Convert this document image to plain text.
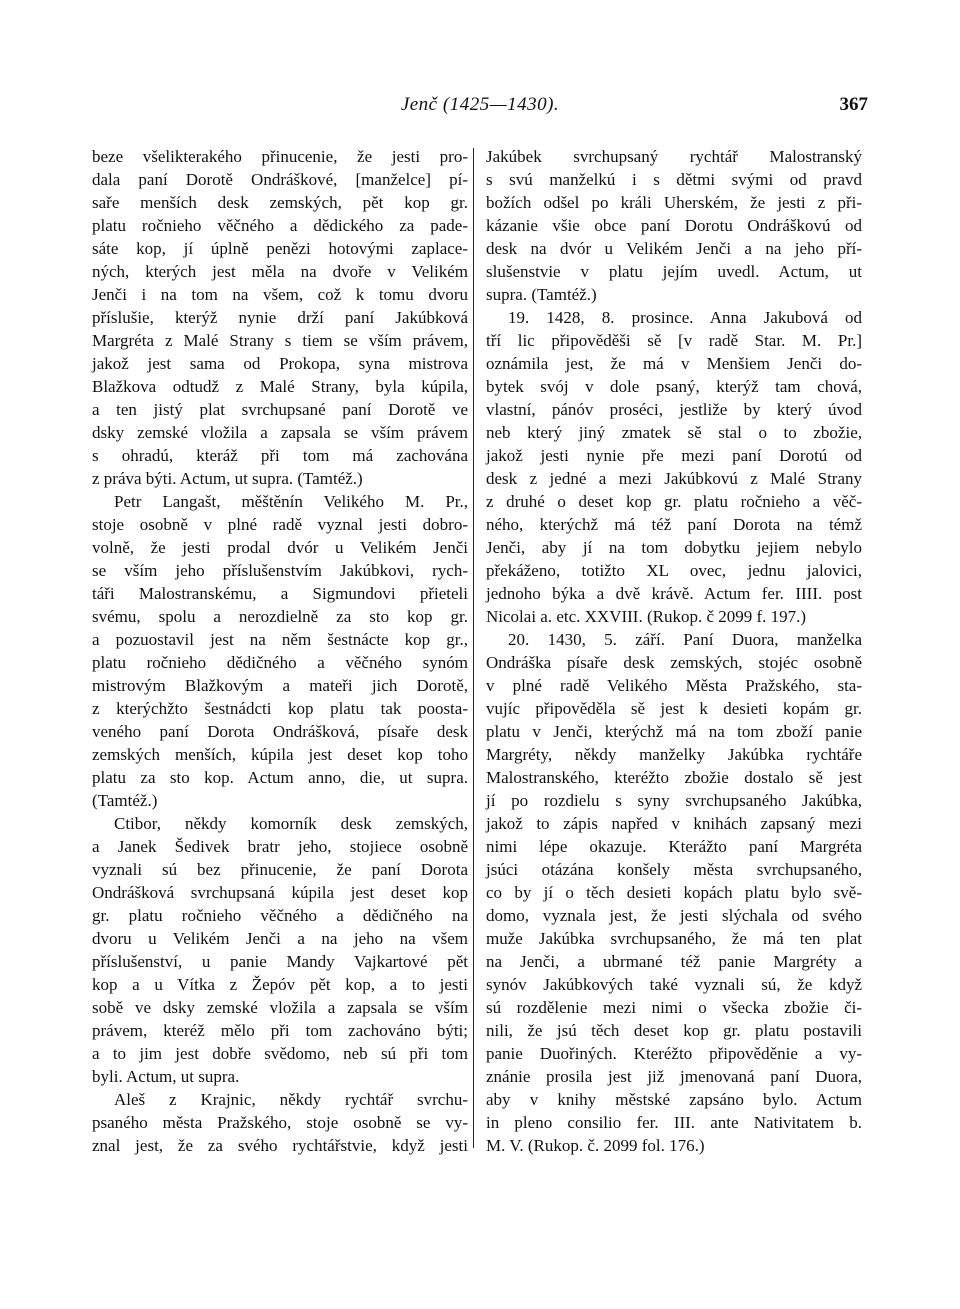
Jenč (1425—1430).	367
beze všelikterakého přinucenie, že jesti pro-
dala paní Dorotě Ondráškové, [manželce] pí-
saře menších desk zemských, pět kop gr.
platu ročnieho věčného a dědického za pade-
sáte kop, jí úplně penězi hotovými zaplace-
ných, kterých jest měla na dvoře v Velikém
Jenči i na tom na všem, což k tomu dvoru
příslušie, kterýž nynie drží paní Jakúbková
Margréta z Malé Strany s tiem se vším právem,
jakož jest sama od Prokopa, syna mistrova
Blažkova odtudž z Malé Strany, byla kúpila,
a ten jistý plat svrchupsané paní Dorotě ve
dsky zemské vložila a zapsala se vším právem
s ohradú, kteráž při tom má zachována
z práva býti. Actum, ut supra. (Tamtéž.)
Petr Langašt, měštěnín Velikého M. Pr.,
stoje osobně v plné radě vyznal jesti dobro-
volně, že jesti prodal dvór u Velikém Jenči
se vším jeho příslušenstvím Jakúbkovi, rych-
táři Malostranskému, a Sigmundovi přieteli
svému, spolu a nerozdielně za sto kop gr.
a pozuostavil jest na něm šestnácte kop gr.,
platu ročnieho dědičného a věčného synóm
mistrovým Blažkovým a mateři jich Dorotě,
z kterýchžto šestnádcti kop platu tak poosta-
veného paní Dorota Ondrášková, písaře desk
zemských menších, kúpila jest deset kop toho
platu za sto kop. Actum anno, die, ut supra.
(Tamtéž.)
Ctibor, někdy komorník desk zemských,
a Janek Šedivek bratr jeho, stojiece osobně
vyznali sú bez přinucenie, že paní Dorota
Ondrášková svrchupsaná kúpila jest deset kop
gr. platu ročnieho věčného a dědičného na
dvoru u Velikém Jenči a na jeho na všem
příslušenství, u panie Mandy Vajkartové pět
kop a u Vítka z Žepóv pět kop, a to jesti
sobě ve dsky zemské vložila a zapsala se vším
právem, kteréž mělo při tom zachováno býti;
a to jim jest dobře svědomo, neb sú při tom
byli. Actum, ut supra.
Aleš z Krajnic, někdy rychtář svrchu-
psaného města Pražského, stoje osobně se vy-
znal jest, že za svého rychtářstvie, když jesti
Jakúbek svrchupsaný rychtář Malostranský
s svú manželkú i s dětmi svými od pravd
božích odšel po králi Uherském, že jesti z při-
kázanie všie obce paní Dorotu Ondráškovú od
desk na dvór u Velikém Jenči a na jeho pří-
slušenstvie v platu jejím uvedl. Actum, ut
supra. (Tamtéž.)
19. 1428, 8. prosince. Anna Jakubová od
tří lic připověděši sě [v radě Star. M. Pr.]
oznámila jest, že má v Menšiem Jenči do-
bytek svój v dole psaný, kterýž tam chová,
vlastní, pánóv proséci, jestliže by který úvod
neb který jiný zmatek sě stal o to zbožie,
jakož jesti nynie pře mezi paní Dorotú od
desk z jedné a mezi Jakúbkovú z Malé Strany
z druhé o deset kop gr. platu ročnieho a věč-
ného, kterýchž má též paní Dorota na témž
Jenči, aby jí na tom dobytku jejiem nebylo
překáženo, totižto XL ovec, jednu jalovici,
jednoho býka a dvě krávě. Actum fer. IIII. post
Nicolai a. etc. XXVIII. (Rukop. č 2099 f. 197.)
20. 1430, 5. září. Paní Duora, manželka
Ondráška písaře desk zemských, stojéc osobně
v plné radě Velikého Města Pražského, sta-
vujíc připověděla sě jest k desieti kopám gr.
platu v Jenči, kterýchž má na tom zboží panie
Margréty, někdy manželky Jakúbka rychtáře
Malostranského, kteréžto zbožie dostalo sě jest
jí po rozdielu s syny svrchupsaného Jakúbka,
jakož to zápis napřed v knihách zapsaný mezi
nimi lépe okazuje. Kterážto paní Margréta
jsúci otázána konšely města svrchupsaného,
co by jí o těch desieti kopách platu bylo svě-
domo, vyznala jest, že jesti slýchala od svého
muže Jakúbka svrchupsaného, že má ten plat
na Jenči, a ubrmané též panie Margréty a
synóv Jakúbkových také vyznali sú, že když
sú rozdělenie mezi nimi o všecka zbožie či-
nili, že jsú těch deset kop gr. platu postavili
panie Duořiných. Kteréžto připověděnie a vy-
znánie prosila jest již jmenovaná paní Duora,
aby v knihy městské zapsáno bylo. Actum
in pleno consilio fer. III. ante Nativitatem b.
M. V. (Rukop. č. 2099 fol. 176.)
